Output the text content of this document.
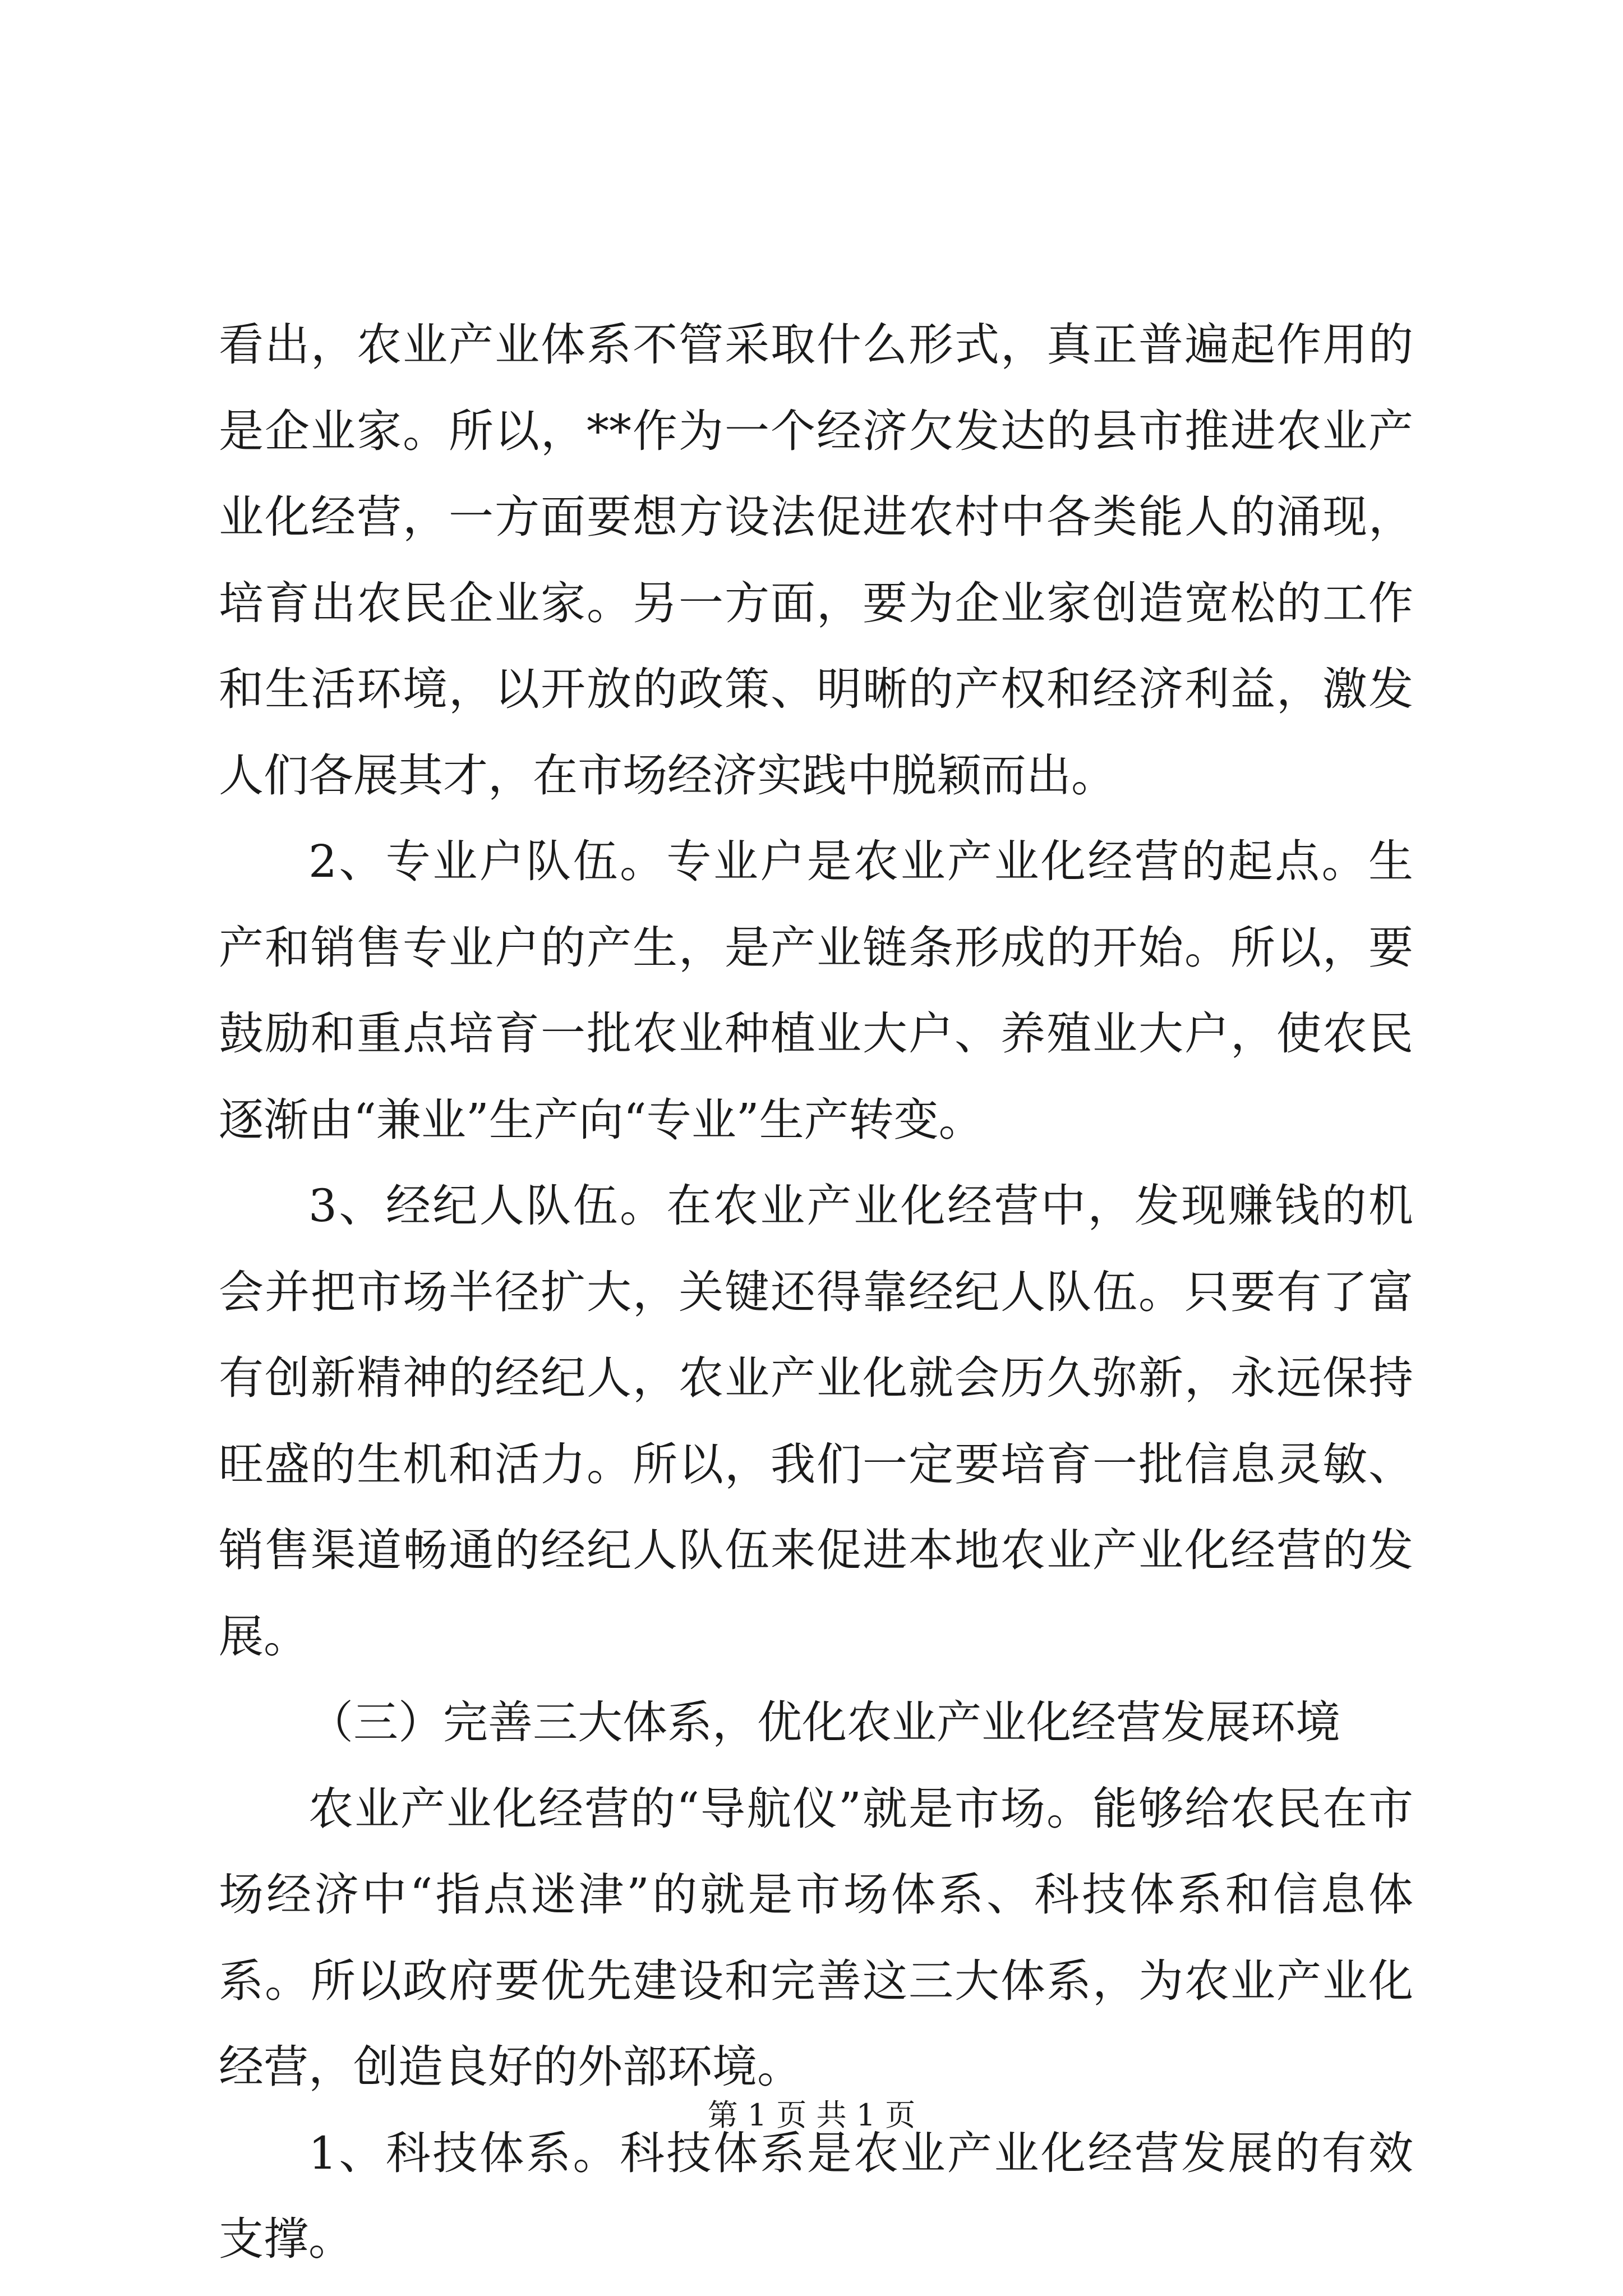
看出，农业产业体系不管采取什么形式，真正普遍起作用的是企业家。所以，**作为一个经济欠发达的县市推进农业产业化经营，一方面要想方设法促进农村中各类能人的涌现，培育出农民企业家。另一方面，要为企业家创造宽松的工作和生活环境，以开放的政策、明晰的产权和经济利益，激发人们各展其才，在市场经济实践中脱颖而出。

2、专业户队伍。专业户是农业产业化经营的起点。生产和销售专业户的产生，是产业链条形成的开始。所以，要鼓励和重点培育一批农业种植业大户、养殖业大户，使农民逐渐由“兼业”生产向“专业”生产转变。

3、经纪人队伍。在农业产业化经营中，发现赚钱的机会并把市场半径扩大，关键还得靠经纪人队伍。只要有了富有创新精神的经纪人，农业产业化就会历久弥新，永远保持旺盛的生机和活力。所以，我们一定要培育一批信息灵敏、销售渠道畅通的经纪人队伍来促进本地农业产业化经营的发展。

（三）完善三大体系，优化农业产业化经营发展环境

农业产业化经营的“导航仪”就是市场。能够给农民在市场经济中“指点迷津”的就是市场体系、科技体系和信息体系。所以政府要优先建设和完善这三大体系，为农业产业化经营，创造良好的外部环境。

1、科技体系。科技体系是农业产业化经营发展的有效支撑。

第 1 页 共 1 页
